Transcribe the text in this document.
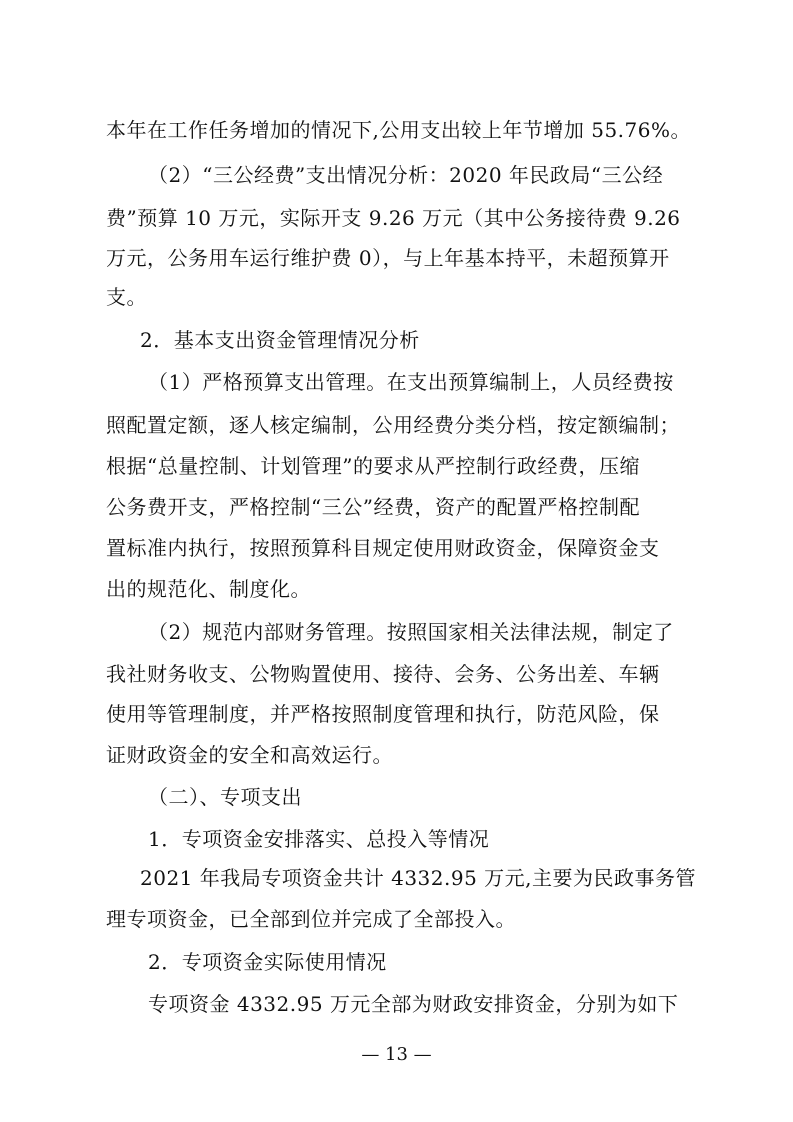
本年在工作任务增加的情况下,公用支出较上年节增加 55.76%。
（2）“三公经费”支出情况分析：2020 年民政局“三公经
费”预算 10 万元，实际开支 9.26 万元（其中公务接待费 9.26
万元，公务用车运行维护费 0），与上年基本持平，未超预算开
支。
2．基本支出资金管理情况分析
（1）严格预算支出管理。在支出预算编制上，人员经费按
照配置定额，逐人核定编制，公用经费分类分档，按定额编制；
根据“总量控制、计划管理”的要求从严控制行政经费，压缩
公务费开支，严格控制“三公”经费，资产的配置严格控制配
置标准内执行，按照预算科目规定使用财政资金，保障资金支
出的规范化、制度化。
（2）规范内部财务管理。按照国家相关法律法规，制定了
我社财务收支、公物购置使用、接待、会务、公务出差、车辆
使用等管理制度，并严格按照制度管理和执行，防范风险，保
证财政资金的安全和高效运行。
（二）、专项支出
1．专项资金安排落实、总投入等情况
2021 年我局专项资金共计 4332.95 万元,主要为民政事务管
理专项资金，已全部到位并完成了全部投入。
2．专项资金实际使用情况
专项资金 4332.95 万元全部为财政安排资金，分别为如下
— 13 —
